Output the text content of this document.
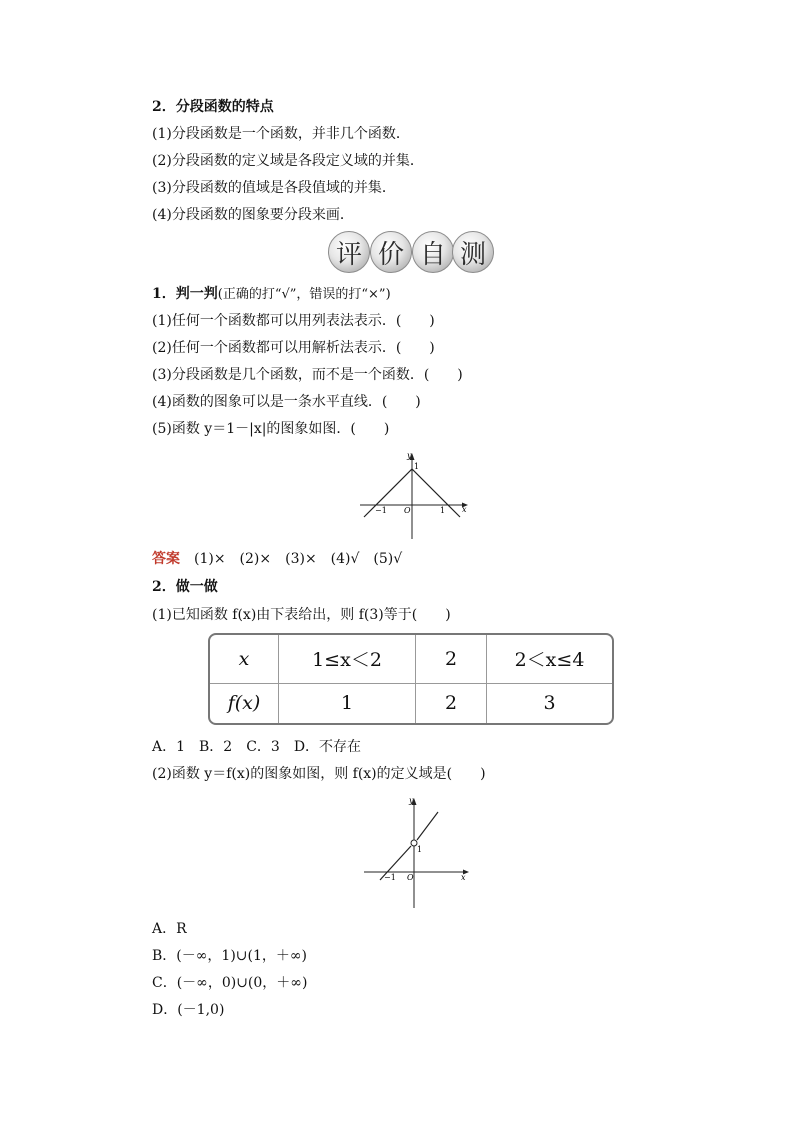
2．分段函数的特点
(1)分段函数是一个函数，并非几个函数．
(2)分段函数的定义域是各段定义域的并集．
(3)分段函数的值域是各段值域的并集．
(4)分段函数的图象要分段来画．
评 价 自 测
1．判一判(正确的打“√”，错误的打“×”)
(1)任何一个函数都可以用列表法表示．(　　)
(2)任何一个函数都可以用解析法表示．(　　)
(3)分段函数是几个函数，而不是一个函数．(　　)
(4)函数的图象可以是一条水平直线．(　　)
(5)函数 y＝1－|x|的图象如图．(　　)
y
x
1
−1 O	1
答案　 (1)×　(2)×　(3)×　(4)√　(5)√
2．做一做
(1)已知函数 f(x)由下表给出，则 f(3)等于(　　)
x	1≤x＜2	2	2＜x≤4
f(x)	1	2	3
A．1　B．2　C．3　D．不存在
(2)函数 y＝f(x)的图象如图，则 f(x)的定义域是(　　)
y
x
1
−1 O
A．R
B．(－∞，1)∪(1，＋∞)
C．(－∞，0)∪(0，＋∞)
D．(－1,0)
